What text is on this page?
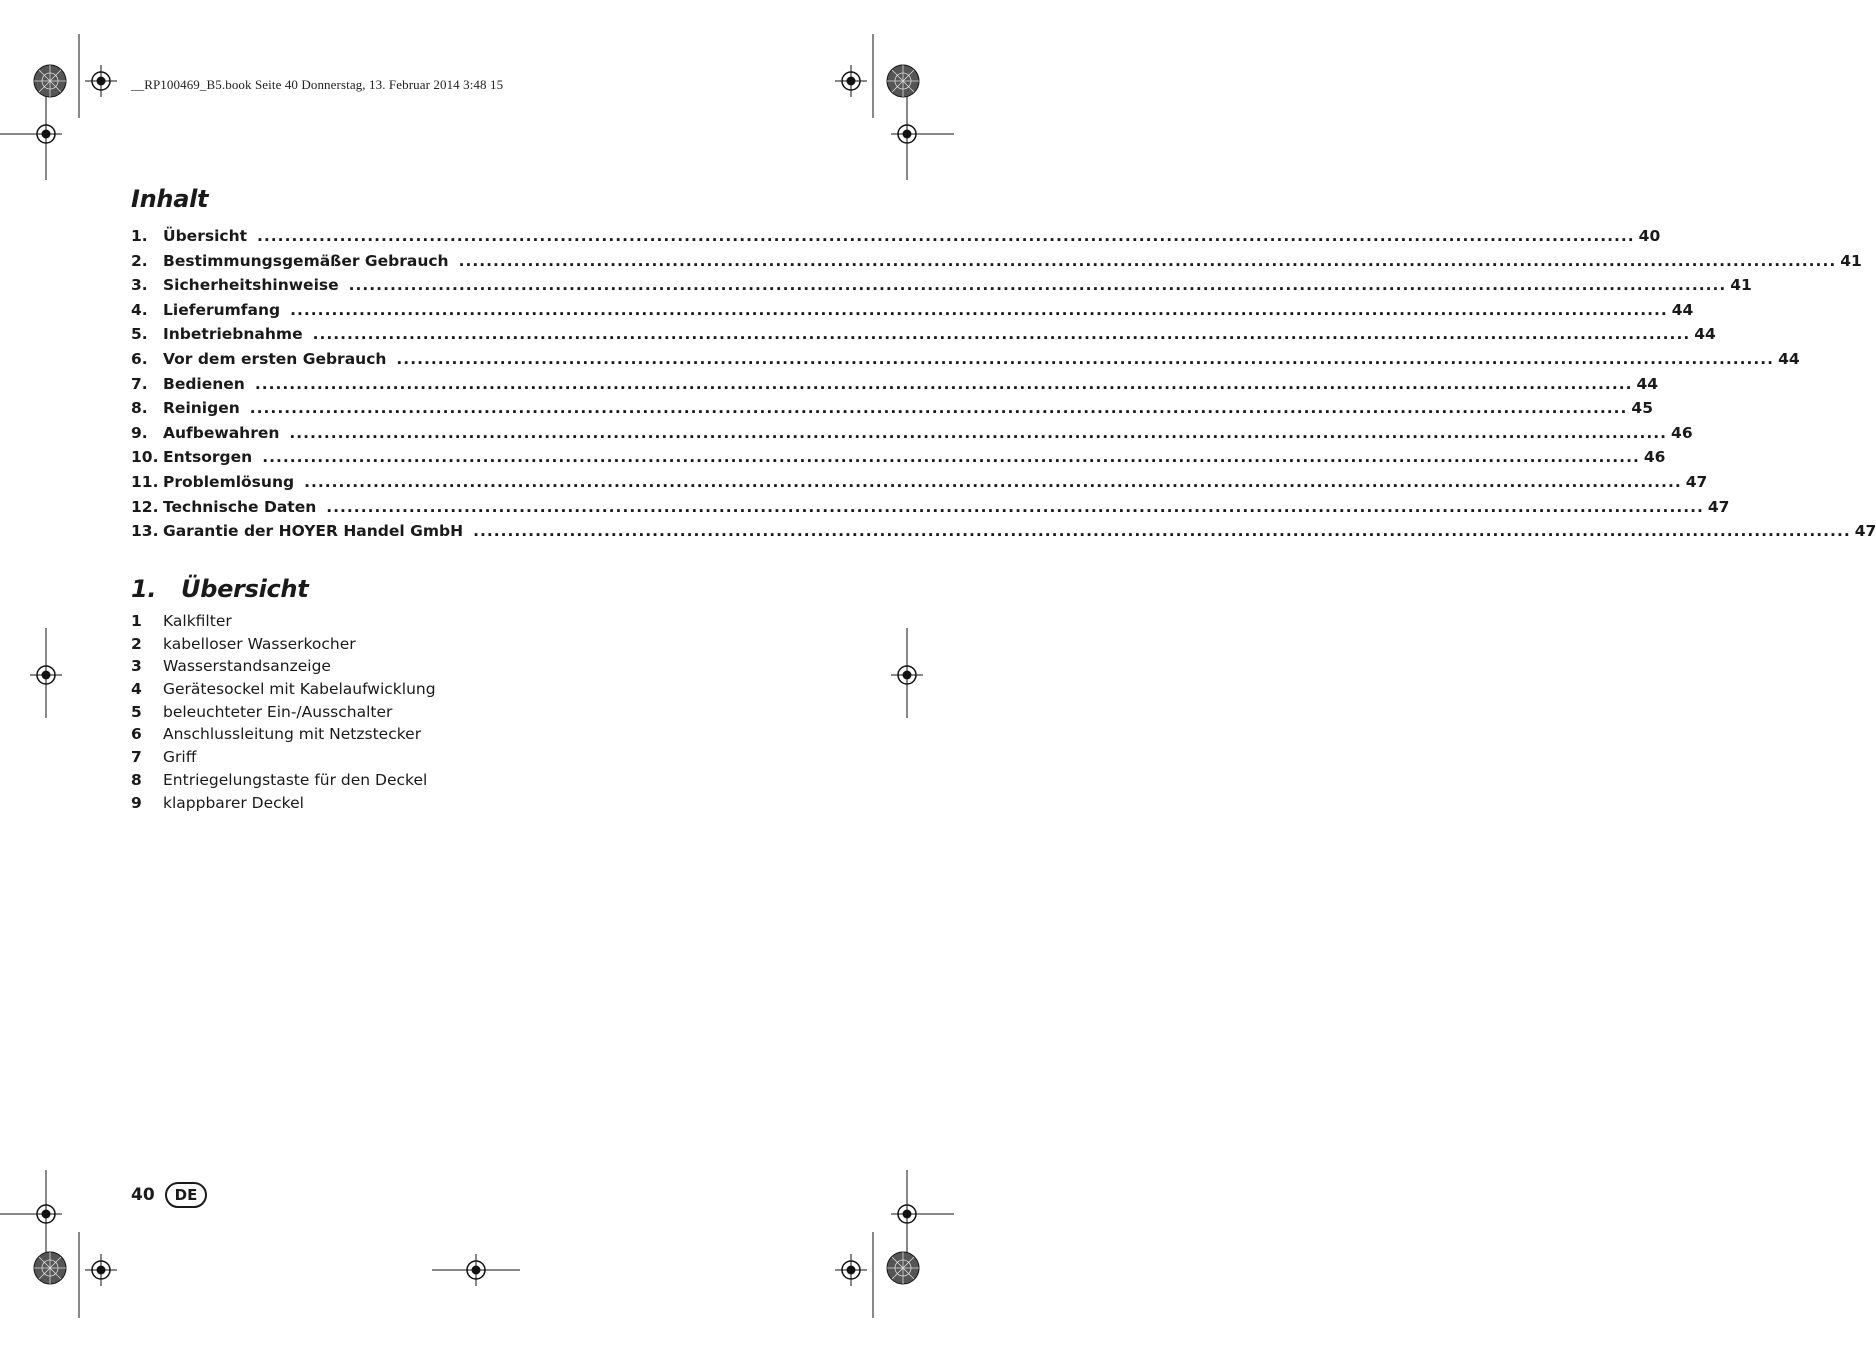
__RP100469_B5.book Seite 40 Donnerstag, 13. Februar 2014 3:48 15
Inhalt
1. Übersicht ........................................................................................................................................................................................................ 40
2. Bestimmungsgemäßer Gebrauch ........................................................................................................................................................................................................ 41
3. Sicherheitshinweise ........................................................................................................................................................................................................ 41
4. Lieferumfang ........................................................................................................................................................................................................ 44
5. Inbetriebnahme ........................................................................................................................................................................................................ 44
6. Vor dem ersten Gebrauch ........................................................................................................................................................................................................ 44
7. Bedienen ........................................................................................................................................................................................................ 44
8. Reinigen ........................................................................................................................................................................................................ 45
9. Aufbewahren ........................................................................................................................................................................................................ 46
10. Entsorgen ........................................................................................................................................................................................................ 46
11. Problemlösung ........................................................................................................................................................................................................ 47
12. Technische Daten ........................................................................................................................................................................................................ 47
13. Garantie der HOYER Handel GmbH ........................................................................................................................................................................................................ 47
1. Übersicht
1	Kalkfilter
2	kabelloser Wasserkocher
3	Wasserstandsanzeige
4	Gerätesockel mit Kabelaufwicklung
5	beleuchteter Ein-/Ausschalter
6	Anschlussleitung mit Netzstecker
7	Griff
8	Entriegelungstaste für den Deckel
9	klappbarer Deckel
40	DE
